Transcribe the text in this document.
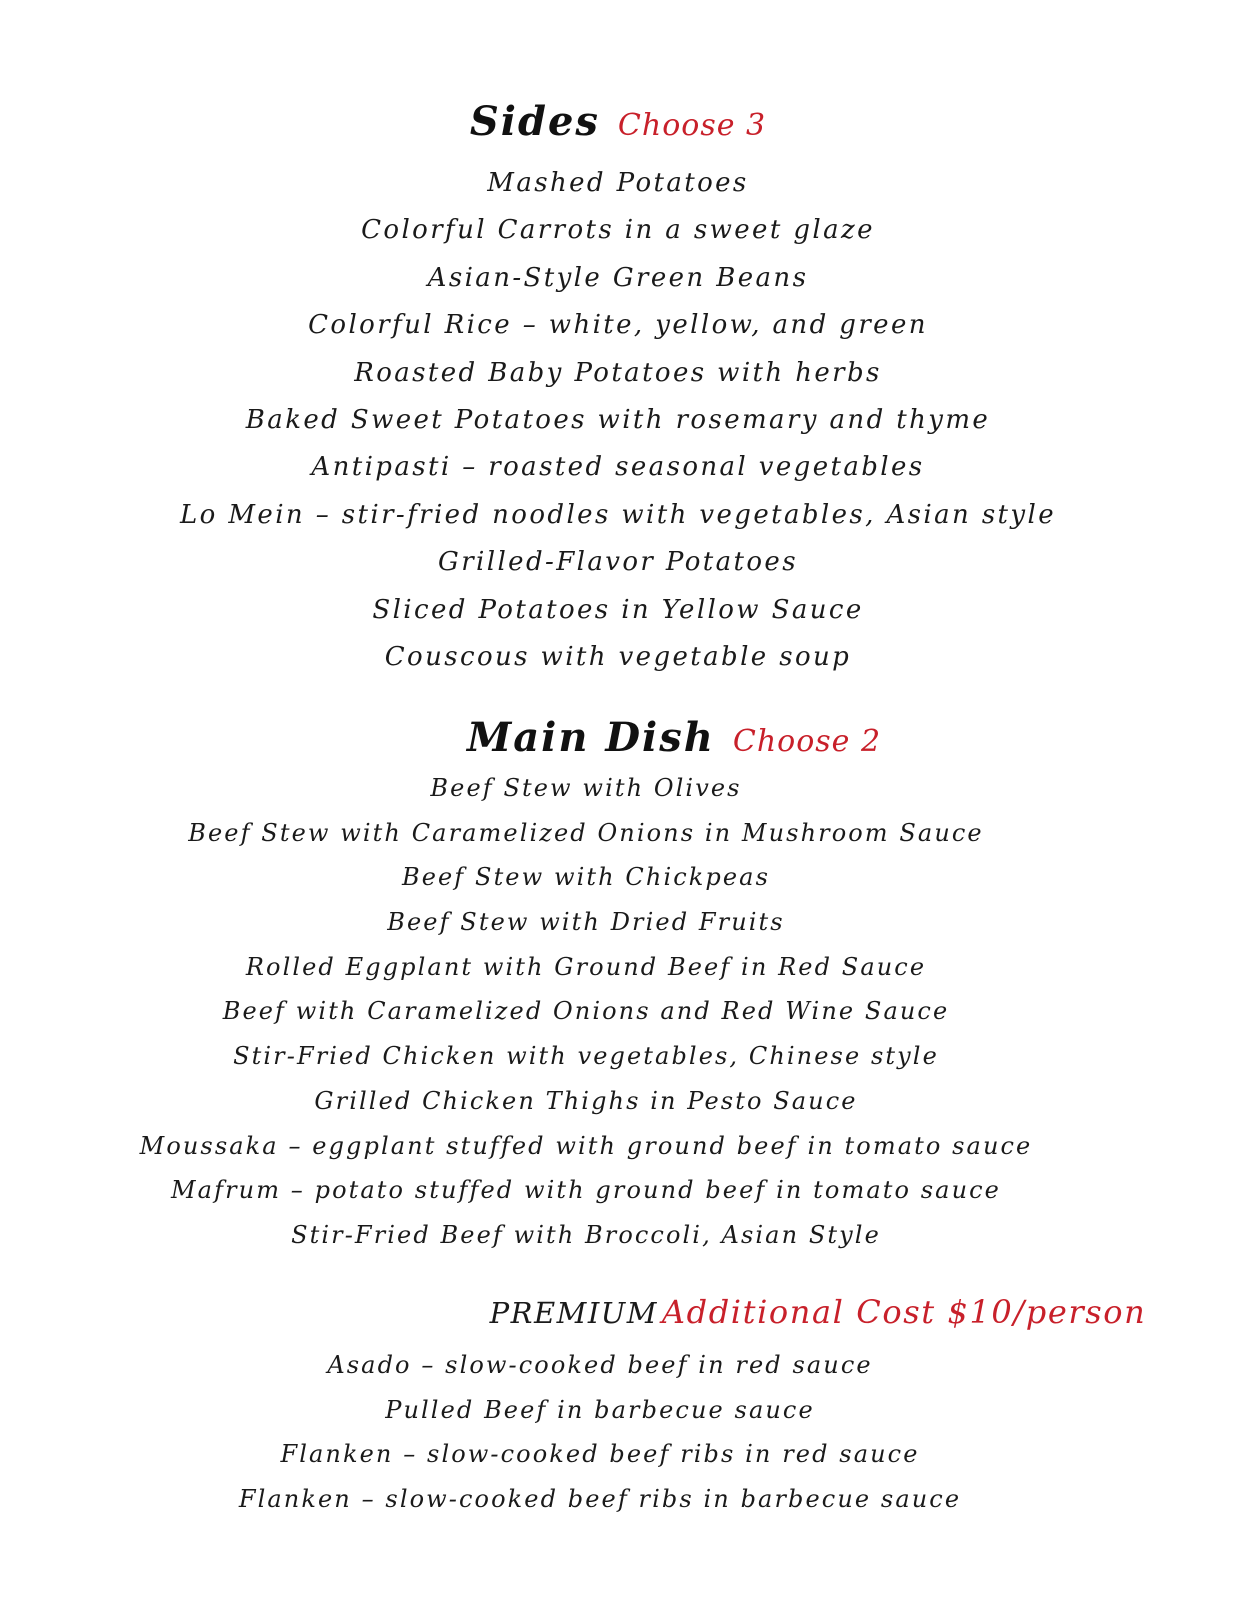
Sides Choose 3
Mashed Potatoes
Colorful Carrots in a sweet glaze
Asian-Style Green Beans
Colorful Rice – white, yellow, and green
Roasted Baby Potatoes with herbs
Baked Sweet Potatoes with rosemary and thyme
Antipasti – roasted seasonal vegetables
Lo Mein – stir-fried noodles with vegetables, Asian style
Grilled-Flavor Potatoes
Sliced Potatoes in Yellow Sauce
Couscous with vegetable soup
Main Dish Choose 2
Beef Stew with Olives
Beef Stew with Caramelized Onions in Mushroom Sauce
Beef Stew with Chickpeas
Beef Stew with Dried Fruits
Rolled Eggplant with Ground Beef in Red Sauce
Beef with Caramelized Onions and Red Wine Sauce
Stir-Fried Chicken with vegetables, Chinese style
Grilled Chicken Thighs in Pesto Sauce
Moussaka – eggplant stuffed with ground beef in tomato sauce
Mafrum – potato stuffed with ground beef in tomato sauce
Stir-Fried Beef with Broccoli, Asian Style
PREMIUM Additional Cost $10/person
Asado – slow-cooked beef in red sauce
Pulled Beef in barbecue sauce
Flanken – slow-cooked beef ribs in red sauce
Flanken – slow-cooked beef ribs in barbecue sauce
